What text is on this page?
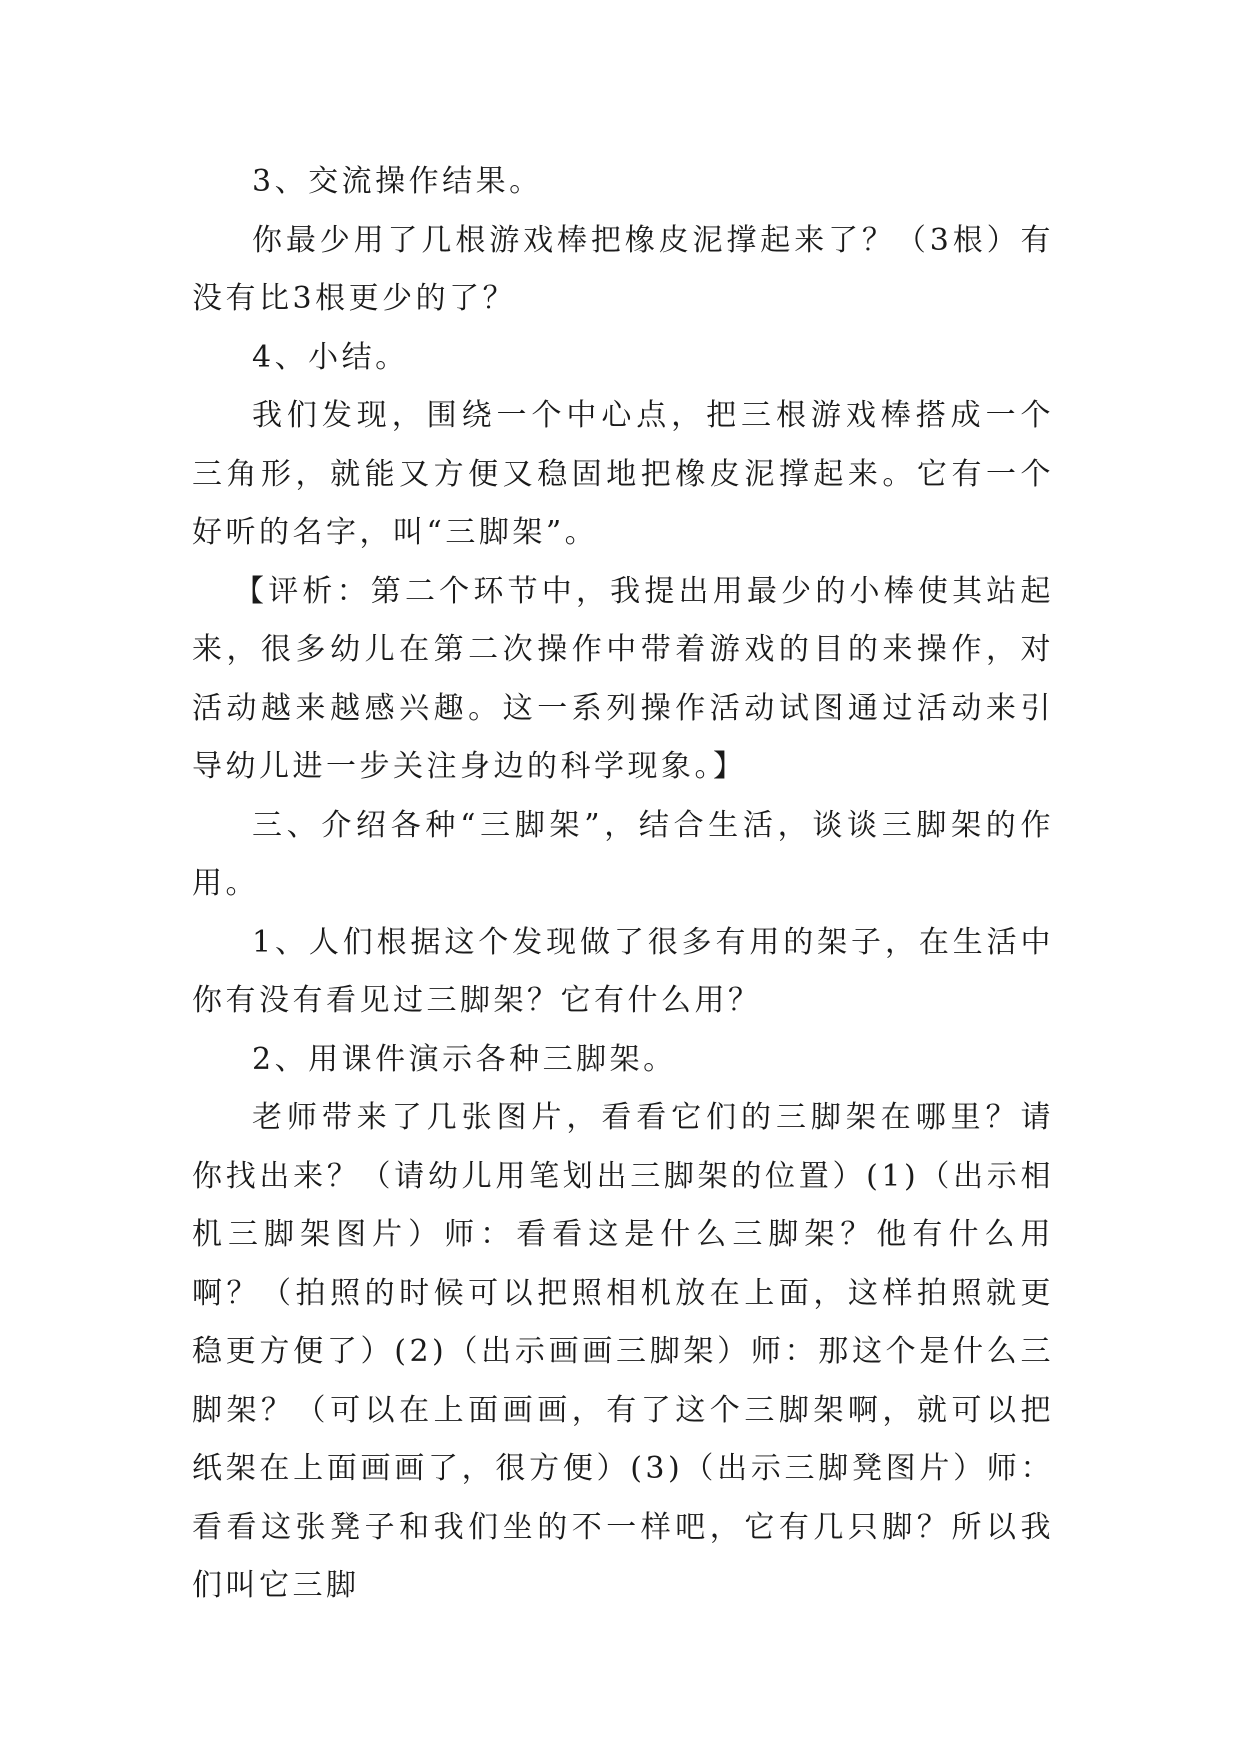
3、交流操作结果。

你最少用了几根游戏棒把橡皮泥撑起来了？（3根）有没有比3根更少的了？

4、小结。

我们发现，围绕一个中心点，把三根游戏棒搭成一个三角形，就能又方便又稳固地把橡皮泥撑起来。它有一个好听的名字，叫“三脚架”。

【评析：第二个环节中，我提出用最少的小棒使其站起来，很多幼儿在第二次操作中带着游戏的目的来操作，对活动越来越感兴趣。这一系列操作活动试图通过活动来引导幼儿进一步关注身边的科学现象。】

三、介绍各种“三脚架”，结合生活，谈谈三脚架的作用。

1、人们根据这个发现做了很多有用的架子，在生活中你有没有看见过三脚架？它有什么用？

2、用课件演示各种三脚架。

老师带来了几张图片，看看它们的三脚架在哪里？请你找出来？（请幼儿用笔划出三脚架的位置）(1)（出示相机三脚架图片）师：看看这是什么三脚架？他有什么用啊？（拍照的时候可以把照相机放在上面，这样拍照就更稳更方便了）(2)（出示画画三脚架）师：那这个是什么三脚架？（可以在上面画画，有了这个三脚架啊，就可以把纸架在上面画画了，很方便）(3)（出示三脚凳图片）师：看看这张凳子和我们坐的不一样吧，它有几只脚？所以我们叫它三脚
